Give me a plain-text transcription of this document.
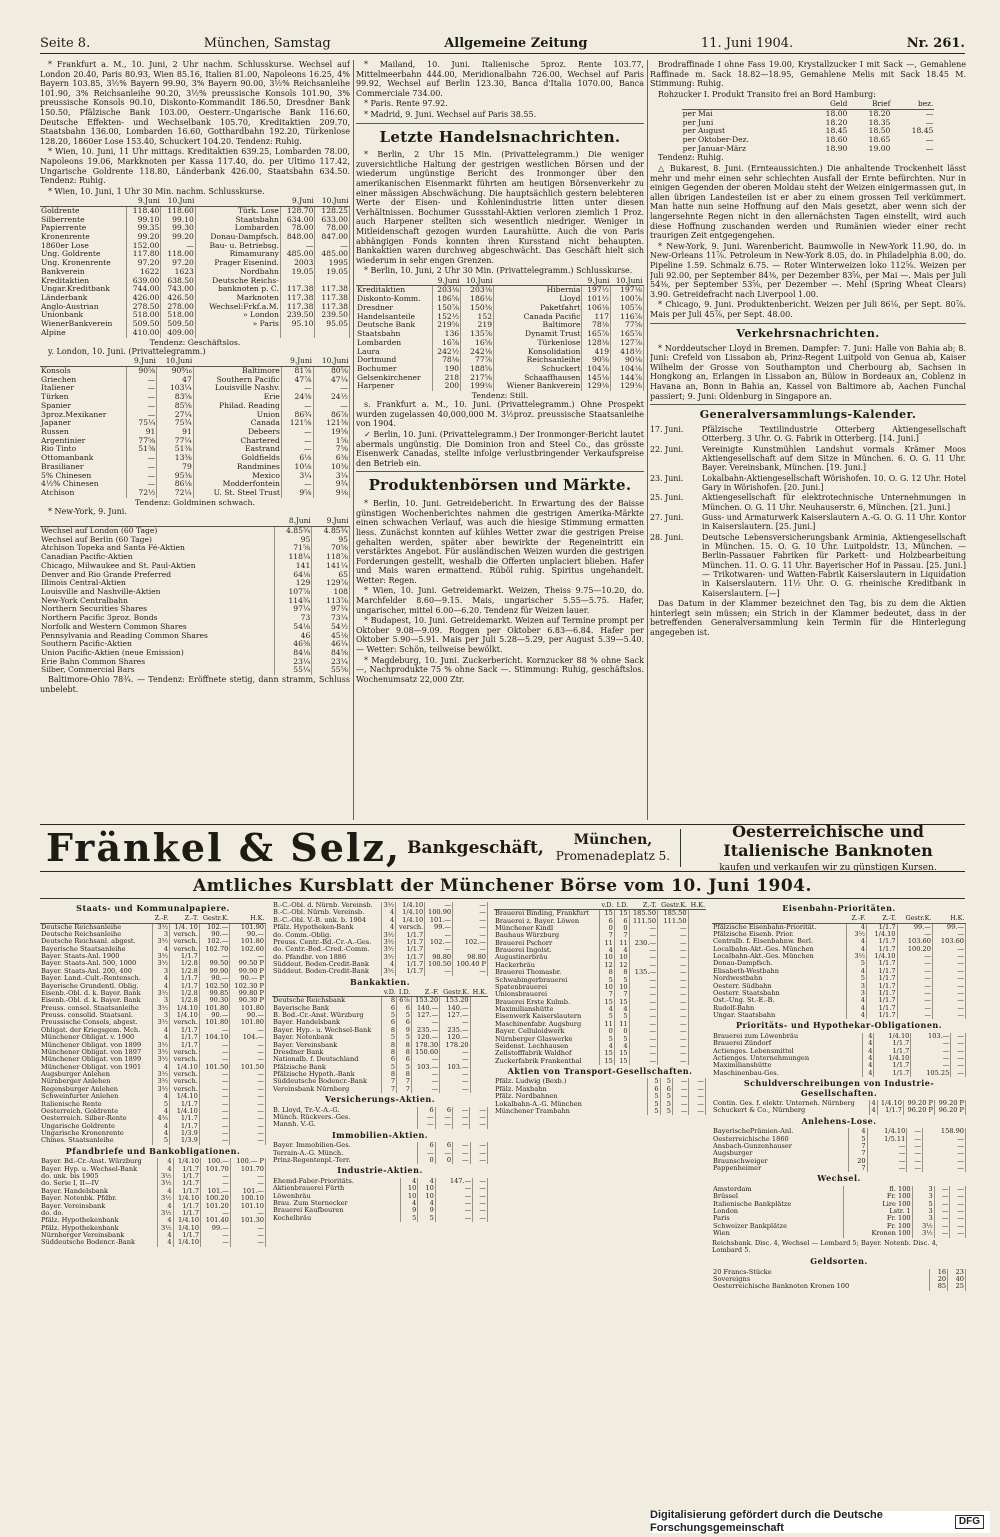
Seite 8.	München, Samstag	Allgemeine Zeitung	11. Juni 1904.	Nr. 261.

* Frankfurt a. M., 10. Juni, 2 Uhr nachm. Schlusskurse. Wechsel auf London 20.40, Paris 80.93, Wien 85.16, Italien 81.00, Napoleons 16.25, 4% Bayern 103.85, 3½% Bayern 99.90, 3% Bayern 90.00, 3½% Reichsanleihe 101.90, 3% Reichsanleihe 90.20, 3½% preussische Konsols 101.90, 3% preussische Konsols 90.10, Diskonto-Kommandit 186.50, Dresdner Bank 150.50, Pfälzische Bank 103.00, Oesterr.-Ungarische Bank 116.60, Deutsche Effekten- und Wechselbank 105.70, Kreditaktien 209.70, Staatsbahn 136.00, Lombarden 16.60, Gotthardbahn 192.20, Türkenlose 128.20, 1860er Lose 153.40, Schuckert 104.20. Tendenz: Ruhig.

* Wien, 10. Juni, 11 Uhr mittags. Kreditaktien 639.25, Lombarden 78.00, Napoleons 19.06, Markknoten per Kassa 117.40, do. per Ultimo 117.42, Ungarische Goldrente 118.80, Länderbank 426.00, Staatsbahn 634.50. Tendenz: Ruhig.

* Wien, 10. Juni, 1 Uhr 30 Min. nachm. Schlusskurse.

	9.Juni	10.Juni		9.Juni	10.Juni
Goldrente	118.40	118.60	Türk. Lose	128.70	128.25
Silberrente	99.10	99.10	Staatsbahn	634.00	633.00
Papierrente	99.35	99.30	Lombarden	78.00	78.00
Kronenrente	99.20	99.20	Donau-Dampfsch.	848.00	847.00
1860er Lose	152.00	—	Bau- u. Betriebsg.	—	—
Ung. Goldrente	117.80	118.00	Rimamurany	485.00	485.00
Ung. Kronenrente	97.20	97.20	Prager Eisenind.	2003	1995
Bankverein	1622	1623	Nordbahn	19.05	19.05
Kreditaktien	639.00	638.50	Deutsche Reichs-		
Ungar.Kreditbank	744.00	743.00	banknoten p. C.	117.38	117.38
Länderbank	426.00	426.50	Marknoten	117.38	117.38
Anglo-Austrian	278.50	278.00	Wechsel:Frkf.a.M.	117.38	117.38
Unionbank	518.00	518.00	» London	239.50	239.50
WienerBankverein	509.50	509.50	» Paris	95.10	95.05
Alpine	410.00	409.00			
Tendenz: Geschäftslos.

y. London, 10. Juni. (Privattelegramm.)

	9.Juni	10.Juni		9.Juni	10.Juni
Konsols	90⅝	90⁹⁄₁₆	Baltimore	81⅞	80⅝
Griechen	—	47	Southern Pacific	47⅞	47¼
Italiener	—	103¼	Louisville Nashv.	—	—
Türken	—	83⅝	Erie	24⅜	24½
Spanier	—	85⅝	Philad. Reading	—	—
3proz.Mexikaner	—	27¼	Union	86¾	86⅞
Japaner	75¼	75¾	Canada	121⅝	121⅜
Russen	91	91	Debeers	—	19⅝
Argentinier	77⅝	77¼	Chartered	—	1⅝
Rio Tinto	51⅜	51⅜	Eastrand	—	7⅝
Ottomanbank	—	13⅜	Goldfields	6⅛	6⅜
Brasilianer	—	79	Randmines	10⅛	10⅜
5% Chinesen	—	95⅜	Mexico	3¼	3¼
4½% Chinesen	—	86⅛	Modderfontein	—	9¾
Atchison	72½	72¼	U. St. Steel Trust	9⅝	9⅛
Tendenz: Goldminen schwach.

* New-York, 9. Juni.

	8.Juni	9.Juni
Wechsel auf London (60 Tage)	4.85¾	4.85¾
Wechsel auf Berlin (60 Tage)	95	95
Atchison Topeka and Santa Fé-Aktien	71⅝	70⅝
Canadian Pacific-Aktien	118¼	118⅞
Chicago, Milwaukee and St. Paul-Aktien	141	141¼
Denver and Rio Grande Preferred	64⅛	65
Illinois Central-Aktien	129	129⅞
Louisville and Nashville-Aktien	107⅞	108
New-York Centralbahn	114¾	113⅞
Northern Securities Shares	97¼	97¼
Northern Pacific 3proz. Bonds	73	73¼
Norfolk and Western Common Shares	54⅛	54½
Pennsylvania and Reading Common Shares	46	45⅛
Southern Pacific-Aktien	46⅜	46¼
Union Pacific-Aktien (neue Emission)	84⅛	84⅝
Erie Bahn Common Shares	23¼	23¼
Silber, Commercial Bars	55¼	55⅝

Baltimore-Ohio 78¾. — Tendenz: Eröffnete stetig, dann stramm, Schluss unbelebt.

* Mailand, 10. Juni. Italienische 5proz. Rente 103.77, Mittelmeerbahn 444.00, Meridionalbahn 726.00, Wechsel auf Paris 99.92, Wechsel auf Berlin 123.30, Banca d'Italia 1070.00, Banca Commerciale 734.00.

* Paris. Rente 97.92.

* Madrid, 9. Juni. Wechsel auf Paris 38.55.

Letzte Handelsnachrichten.

* Berlin, 2 Uhr 15 Min. (Privattelegramm.) Die weniger zuversichtliche Haltung der gestrigen westlichen Börsen und der wiederum ungünstige Bericht des Ironmonger über den amerikanischen Eisenmarkt führten am heutigen Börsenverkehr zu einer mässigen Abschwächung. Die hauptsächlich gestern belebteren Werte der Eisen- und Kohlenindustrie litten unter diesen Verhältnissen. Bochumer Gussstahl-Aktien verloren ziemlich 1 Proz. auch Harpener stellten sich wesentlich niedriger. Weniger in Mitleidenschaft gezogen wurden Laurahütte. Auch die von Paris abhängigen Fonds konnten ihren Kursstand nicht behaupten. Bankaktien waren durchweg abgeschwächt. Das Geschäft hielt sich wiederum in sehr engen Grenzen.

* Berlin, 10. Juni, 2 Uhr 30 Min. (Privattelegramm.) Schlusskurse.

	9.Juni	10.Juni		9.Juni	10.Juni
Kreditaktien	203⅛	203⅛	Hibernia	197½	197⅛
Diskonto-Komm.	186⅝	186⅛	Lloyd	101½	100⅞
Dresdner	150⅞	150⅜	Paketfahrt	106⅛	105⅞
Handelsanteile	152½	152	Canada Pacific	117	116⅞
Deutsche Bank	219⅝	219	Baltimore	78⅛	77⅝
Staatsbahn	136	135⅞	Dynamit Trust	165⅞	165⅞
Lombarden	16⅞	16⅝	Türkenlose	128⅛	127⅞
Laura	242½	242⅛	Konsolidation	419	418½
Dortmund	78⅛	77⅞	Reichsanleihe	90⅝	90⅛
Bochumer	190	188⅝	Schuckert	104⅞	104⅛
Gelsenkirchener	218	217⅝	Schaaffhausen	145⅛	144⅞
Harpener	200	199⅛	Wiener Bankverein	129⅛	129⅛
Tendenz: Still.

s. Frankfurt a. M., 10. Juni. (Privattelegramm.) Ohne Prospekt wurden zugelassen 40,000,000 M. 3½proz. preussische Staatsanleihe von 1904.

✓ Berlin, 10. Juni. (Privattelegramm.) Der Ironmonger-Bericht lautet abermals ungünstig. Die Dominion Iron and Steel Co., das grösste Eisenwerk Canadas, stellte infolge verlustbringender Verkaufspreise den Betrieb ein.

Produktenbörsen und Märkte.

* Berlin, 10. Juni. Getreidebericht. In Erwartung des der Baisse günstigen Wochenberichtes nahmen die gestrigen Amerika-Märkte einen schwachen Verlauf, was auch die hiesige Stimmung ermatten liess. Zunächst konnten auf kühles Wetter zwar die gestrigen Preise gehalten werden, später aber bewirkte der Regeneintritt ein verstärktes Angebot. Für ausländischen Weizen wurden die gestrigen Forderungen gestellt, weshalb die Offerten unplaciert blieben. Hafer und Mais waren ermattend. Rüböl ruhig. Spiritus ungehandelt. Wetter: Regen.

* Wien, 10. Juni. Getreidemarkt. Weizen, Theiss 9.75—10.20, do. Marchfelder 8.60—9.15. Mais, ungarischer 5.55—5.75. Hafer, ungarischer, mittel 6.00—6.20. Tendenz für Weizen lauer.

* Budapest, 10. Juni. Getreidemarkt. Weizen auf Termine prompt per Oktober 9.08—9.09. Roggen per Oktober 6.83—6.84. Hafer per Oktober 5.90—5.91. Mais per Juli 5.28—5.29, per August 5.39—5.40. — Wetter: Schön, teilweise bewölkt.

* Magdeburg, 10. Juni. Zuckerbericht. Kornzucker 88 % ohne Sack —, Nachprodukte 75 % ohne Sack —. Stimmung: Ruhig, geschäftslos. Wochenumsatz 22,000 Ztr.

Brodraffinade I ohne Fass 19.00, Krystallzucker I mit Sack —, Gemahlene Raffinade m. Sack 18.82—18.95, Gemahlene Melis mit Sack 18.45 M. Stimmung: Ruhig.

Rohzucker I. Produkt Transito frei an Bord Hamburg:

	Geld	Brief	bez.
per Mai	18.00	18.20	—
per Juni	18.20	18.35	—
per August	18.45	18.50	18.45
per Oktober-Dez.	18.60	18.65	—
per Januar-März	18.90	19.00	—

Tendenz: Ruhig.

△ Bukarest, 8. Juni. (Ernteaussichten.) Die anhaltende Trockenheit lässt mehr und mehr einen sehr schlechten Ausfall der Ernte befürchten. Nur in einigen Gegenden der oberen Moldau steht der Weizen einigermassen gut, in allen übrigen Landesteilen ist er aber zu einem grossen Teil verkümmert. Man hatte nun seine Hoffnung auf den Mais gesetzt, aber wenn sich der langersehnte Regen nicht in den allernächsten Tagen einstellt, wird auch diese Hoffnung zuschanden werden und Rumänien wieder einer recht traurigen Zeit entgegengehen.

* New-York, 9. Juni. Warenbericht. Baumwolle in New-York 11.90, do. in New-Orleans 11⅞. Petroleum in New-York 8.05, do. in Philadelphia 8.00, do. Pipeline 1.59. Schmalz 6.75. — Roter Winterweizen loko 112⅝. Weizen per Juli 92.00, per September 84⅜, per Dezember 83⅝, per Mai —. Mais per Juli 54⅜, per September 53⅝, per Dezember —. Mehl (Spring Wheat Clears) 3.90. Getreidefracht nach Liverpool 1.00.

* Chicago, 9. Juni. Produktenbericht. Weizen per Juli 86⅛, per Sept. 80⅞. Mais per Juli 45⅞, per Sept. 48.00.

Verkehrsnachrichten.

* Norddeutscher Lloyd in Bremen. Dampfer: 7. Juni: Halle von Bahia ab; 8. Juni: Crefeld von Lissabon ab, Prinz-Regent Luitpold von Genua ab, Kaiser Wilhelm der Grosse von Southampton und Cherbourg ab, Sachsen in Hongkong an, Erlangen in Lissabon an, Bülow in Bordeaux an, Coblenz in Havana an, Bonn in Bahia an, Kassel von Baltimore ab, Aachen Funchal passiert; 9. Juni: Oldenburg in Singapore an.

Generalversammlungs-Kalender.
17. Juni.	Pfälzische Textilindustrie Otterberg Aktiengesellschaft Otterberg. 3 Uhr. O. G. Fabrik in Otterberg. [14. Juni.]
22. Juni.	Vereinigte Kunstmühlen Landshut vormals Krämer Moos Aktiengesellschaft auf dem Sitze in München. 6. O. G. 11 Uhr. Bayer. Vereinsbank, München. [19. Juni.]
23. Juni.	Lokalbahn-Aktiengesellschaft Wörishofen. 10. O. G. 12 Uhr. Hotel Gary in Wörishofen. [20. Juni.]
25. Juni.	Aktiengesellschaft für elektrotechnische Unternehmungen in München. O. G. 11 Uhr. Neuhauserstr. 6, München. [21. Juni.]
27. Juni.	Guss- und Armaturwerk Kaiserslautern A.-G. O. G. 11 Uhr. Kontor in Kaiserslautern. [25. Juni.]
28. Juni.	Deutsche Lebensversicherungsbank Arminia, Aktiengesellschaft in München. 15. O. G. 10 Uhr. Luitpoldstr. 13, München. — Berlin-Passauer Fabriken für Parkett- und Holzbearbeitung München. 11. O. G. 11 Uhr. Bayerischer Hof in Passau. [25. Juni.] — Trikotwaren- und Watten-Fabrik Kaiserslautern in Liquidation in Kaiserslautern. 11½ Uhr. O. G. rheinische Kreditbank in Kaiserslautern. [—]

Das Datum in der Klammer bezeichnet den Tag, bis zu dem die Aktien hinterlegt sein müssen; ein Strich in der Klammer bedeutet, dass in der betreffenden Generalversammlung kein Termin für die Hinterlegung angegeben ist.

Fränkel & Selz, Bankgeschäft,	München,
Promenadeplatz 5.
Oesterreichische und Italienische Banknoten
kaufen und verkaufen wir zu günstigen Kursen.
Amtliches Kursblatt der Münchener Börse vom 10. Juni 1904.
Staats- und Kommunalpapiere.
	Z.-F.	Z.-T.	Gestr.K.	H.K.
Deutsche Reichsanleihe	3½	1/4. 10	102.—	101.90
Deutsche Reichsanleihe	3	versch.	90.—	90.—
Deutsche Reichsanl. abgest.	3½	versch.	102.—	101.80
Bayerische Staatsanleihe	4	versch.	102.70	102.60
Bayer. Staats-Anl. 1900	3½	1/1.7	—	—
Bayer. Staats-Anl. 500, 1000	3½	1/2.8	99.50	99.50 P
Bayer. Staats-Anl. 200, 400	3	1/2.8	99.90	99.90 P
Bayer. Land.-Cult.-Rentensch.	4	1/1.7	90.—	90.— P
Bayerische Grundentl. Oblig.	4	1/1.7	102.50	102.30 P
Eisenb.-Obl. d. k. Bayer. Bank	3½	1/2.8	99.85	99.80 P
Eisenb.-Obl. d. k. Bayer. Bank	3	1/2.8	90.30	90.30 P
Preuss. consol. Staatsanleihe	3½	1/4.10	101.80	101.80
Preuss. consolid. Staatsanl.	3	1/4.10	90.—	90.—
Preussische Consols, abgest.	3½	versch.	101.80	101.80
Obligat. der Kriegsgem. Mch.	4	1/1.7	—	—
Münchener Obligat. v. 1900	4	1/1.7	104.10	104.—
Münchener Obligat. von 1899	3½	1/1.7	—	—
Münchener Obligat. von 1897	3½	versch.	—	—
Münchener Obligat. von 1899	3½	versch.	—	—
Münchener Obligat. von 1901	4	1/4.10	101.50	101.50
Augsburger Anlehen	3½	versch.	—	—
Nürnberger Anlehen	3½	versch.	—	—
Regensburger Anlehen	3½	versch.	—	—
Schweinfurter Anlehen	4	1/4.10	—	—
Italienische Rente	5	1/1.7	—	—
Oesterreich. Goldrente	4	1/4.10	—	—
Oesterreich. Silber-Rente	4⅕	1/1.7	—	—
Ungarische Goldrente	4	1/1.7	—	—
Ungarische Kronenrente	4	1/3.9	—	—
Chines. Staatsanleihe	5	1/3.9	—	—
Pfandbriefe und Bankobligationen.
Bayer. Bd.-Cr.-Anst. Würzburg	4	1/4.10	100.—	100.— P
Bayer. Hyp. u. Wechsel-Bank	4	1/1.7	101.70	101.70
do. unk. bis 1905	3½	1/1.7	—	—
do. Serie I, II—IV	3½	1/1.7	—	—
Bayer. Handelsbank	4	1/1.7	101.—	101.—
Bayer. Notenbk. Pfdbr.	3½	1/4.10	100.20	100.10
Bayer. Vereinsbank	4	1/1.7	101.20	101.10
do. do.	3½	1/1.7	—	—
Pfälz. Hypothekenbank	4	1/4.10	101.40	101.30
Pfälz. Hypothekenbank	3½	1/4.10	99.—	—
Nürnberger Vereinsbank	4	1/1.7	—	—
Süddeutsche Bodencr.-Bank	4	1/4.10	—	—
B.-C.-Obl. d. Nürnb. Vereinsb.	3½	1/4.10	—	—
B.-C.-Obl. Nürnb. Vereinsb.	4	1/4.10	100.90	—
B.-C.-Obl. V.-B. unk. b. 1904	4	1/4.10	101.—	—
Pfälz. Hypotheken-Bank	4	versch.	99.—	—
do. Comm.-Oblig.	3½	1/1.7	—	—
Preuss. Centr.-Bd.-Cr.-A.-Ges.	3½	1/1.7	102.—	102.—
do. Centr.-Bod.-Cred.-Comm.	3½	1/1.7	—	—
do. Pfandbr. von 1886	3½	1/1.7	98.80	98.80
Süddeut. Boden-Credit-Bank	4	1/1.7	100.50	100.40 P
Süddeut. Boden-Credit-Bank	3½	1/1.7	—	—
Bankaktien.
	v.D.	I.D.	Z.-F.	Gestr.K.	H.K.
Deutsche Reichsbank	8	6⅞	153.20	153.20	
Bayerische Bank	6	6	140.—	140.—	
B. Bod.-Cr.-Anst. Würzburg	5	5	127.—	127.—	
Bayer. Handelsbank	6	6	—	—	
Bayer. Hyp.- u. Wechsel-Bank	8	9	235.—	235.—	
Bayer. Notenbank	5	5	120.—	120.—	
Bayer. Vereinsbank	8	8	178.30	178.20	
Dresdner Bank	8	8	150.60	—	
Nationalb. f. Deutschland	6	6	—	—	
Pfälzische Bank	5	5	103.—	103.—	
Pfälzische Hypoth.-Bank	8	8	—	—	
Süddeutsche Bodencr.-Bank	7	7	—	—	
Vereinsbank Nürnberg	7	7	—	—	
Versicherungs-Aktien.
B. Lloyd, Tr.-V.-A.-G.	6	6	—	—
Münch. Rückvers.-Ges.	—	—	—	—
Mannh. V.-G.	—	—	—	—
Immobilien-Aktien.
Bayer. Immobilien-Ges.	6	6	—	—
Terrain-A.-G. Münch.	—	—	—	—
Prinz-Regentenpl.-Terr.	0	0	—	—
Industrie-Aktien.
Ehemd-Faber-Prioritäts.	4	4	147.—	—
Aktienbrauerei Fürth	10	10	—	—
Löwenbräu	10	10	—	—
Brau. Zum Sternecker	4	4	—	—
Brauerei Kaufbeuren	9	9	—	—
Kochelbräu	5	5	—	—
	v.D.	I.D.	Z.-T.	Gestr.K.	H.K.
Brauerei Binding, Frankfurt	15	15	185.50	185.50	
Brauerei z. Bayer. Löwen	6	6	111.50	111.50	
Münchener Kindl	0	0	—	—	
Bauhaus Würzburg	7	7	—	—	
Brauerei Pschorr	11	11	230.—	—	
Brauerei Ingolst.	4	4	—	—	
Augustinerbräu	10	10	—	—	
Hackerbräu	12	12	—	—	
Brauerei Thomasbr.	8	8	135.—	—	
Schwabingerbrauerei	5	5	—	—	
Spatenbrauerei	10	10	—	—	
Unionsbrauerei	7	7	—	—	
Brauerei Erste Kulmb.	15	15	—	—	
Maximilianshütte	4	4	—	—	
Eisenwerk Kaiserslautern	5	5	—	—	
Maschinenfabr. Augsburg	11	11	—	—	
Bayer. Celluloidwerk	0	0	—	—	
Nürnberger Glaswerke	5	5	—	—	
Seidenst. Lechhausen	4	4	—	—	
Zellstofffabrik Waldhof	15	15	—	—	
Zuckerfabrik Frankenthal	15	15	—	—	
Aktien von Transport-Gesellschaften.
Pfälz. Ludwig (Bexb.)	5	5	—	—
Pfälz. Maxbahn	6	6	—	—
Pfälz. Nordbahnen	5	5	—	—
Lokalbahn-A.-G. München	5	5	—	—
Münchener Trambahn	5	5	—	—
Eisenbahn-Prioritäten.
	Z.-F.	Z.-T.	Gestr.K.	H.K.
Pfälzische Eisenbahn-Priorität.	4	1/1.7	99.—	99.—
Pfälzische Eisenb. Prior.	3½	1/4.10	—	—
Centralb. f. Eisenbahnw. Berl.	4	1/1.7	103.60	103.60
Localbahn-Akt.-Ges. München	4	1/1.7	100.20	—
Localbahn-Akt.-Ges. München	3½	1/4.10	—	—
Donau-Dampfsch.	5	1/1.7	—	—
Elisabeth-Westbahn	4	1/1.7	—	—
Nordwestbahn	5	1/1.7	—	—
Oesterr. Südbahn	3	1/1.7	—	—
Oesterr. Staatsbahn	3	1/1.7	—	—
Ost.-Ung. St.-E.-B.	4	1/1.7	—	—
Rudolf-Bahn	4	1/1.7	—	—
Ungar. Staatsbahn	4	1/1.7	—	—
Prioritäts- und Hypothekar-Obligationen.
Brauerei zum Löwenbräu	4	1/4.10	103.—	—
Brauerei Zündorf	4	1/1.7	—	—
Actienges. Lebensmittel	4	1/1.7	—	—
Actienges. Unternehmungen	4	1/4.10	—	—
Maximilianshütte	4	1/1.7	—	—
Maschinenbau-Ges.	4	1/1.7	105.25	—
Schuldverschreibungen von Industrie-Gesellschaften.
Contin. Ges. f. elektr. Unterneh. Nürnberg	4	1/4.10	99.20 P	99.20 P
Schuckert & Co., Nürnberg	4	1/1.7	96.20 P	96.20 P
Anlehens-Lose.
BayerischePrämien-Anl.	4	1/4.10	—	158.90
Oesterreichische 1860	5	1/5.11	—	—
Ansbach-Gunzenhauser	7	—	—	—
Augsburger	7	—	—	—
Braunschweiger	20	—	—	—
Pappenheimer	7	—	—	—
Wechsel.
Amsterdam	fl. 100	3	—	—
Brüssel	Fr. 100	3	—	—
Italienische Bankplätze	Lire 100	5	—	—
London	Lstr. 1	3	—	—
Paris	Fr. 100	3	—	—
Schweizer Bankplätze	Fr. 100	3½	—	—
Wien	Kronen 100	3½	—	—
Reichsbank. Disc. 4, Wechsel — Lombard 5; Bayer. Notenb. Disc. 4, Lombard 5.
Geldsorten.
20 Francs-Stücke	16	23
Sovereigns	20	40
Oesterreichische Banknoten Kronen 100	85	25
Digitalisierung gefördert durch die Deutsche Forschungsgemeinschaft
DFG
